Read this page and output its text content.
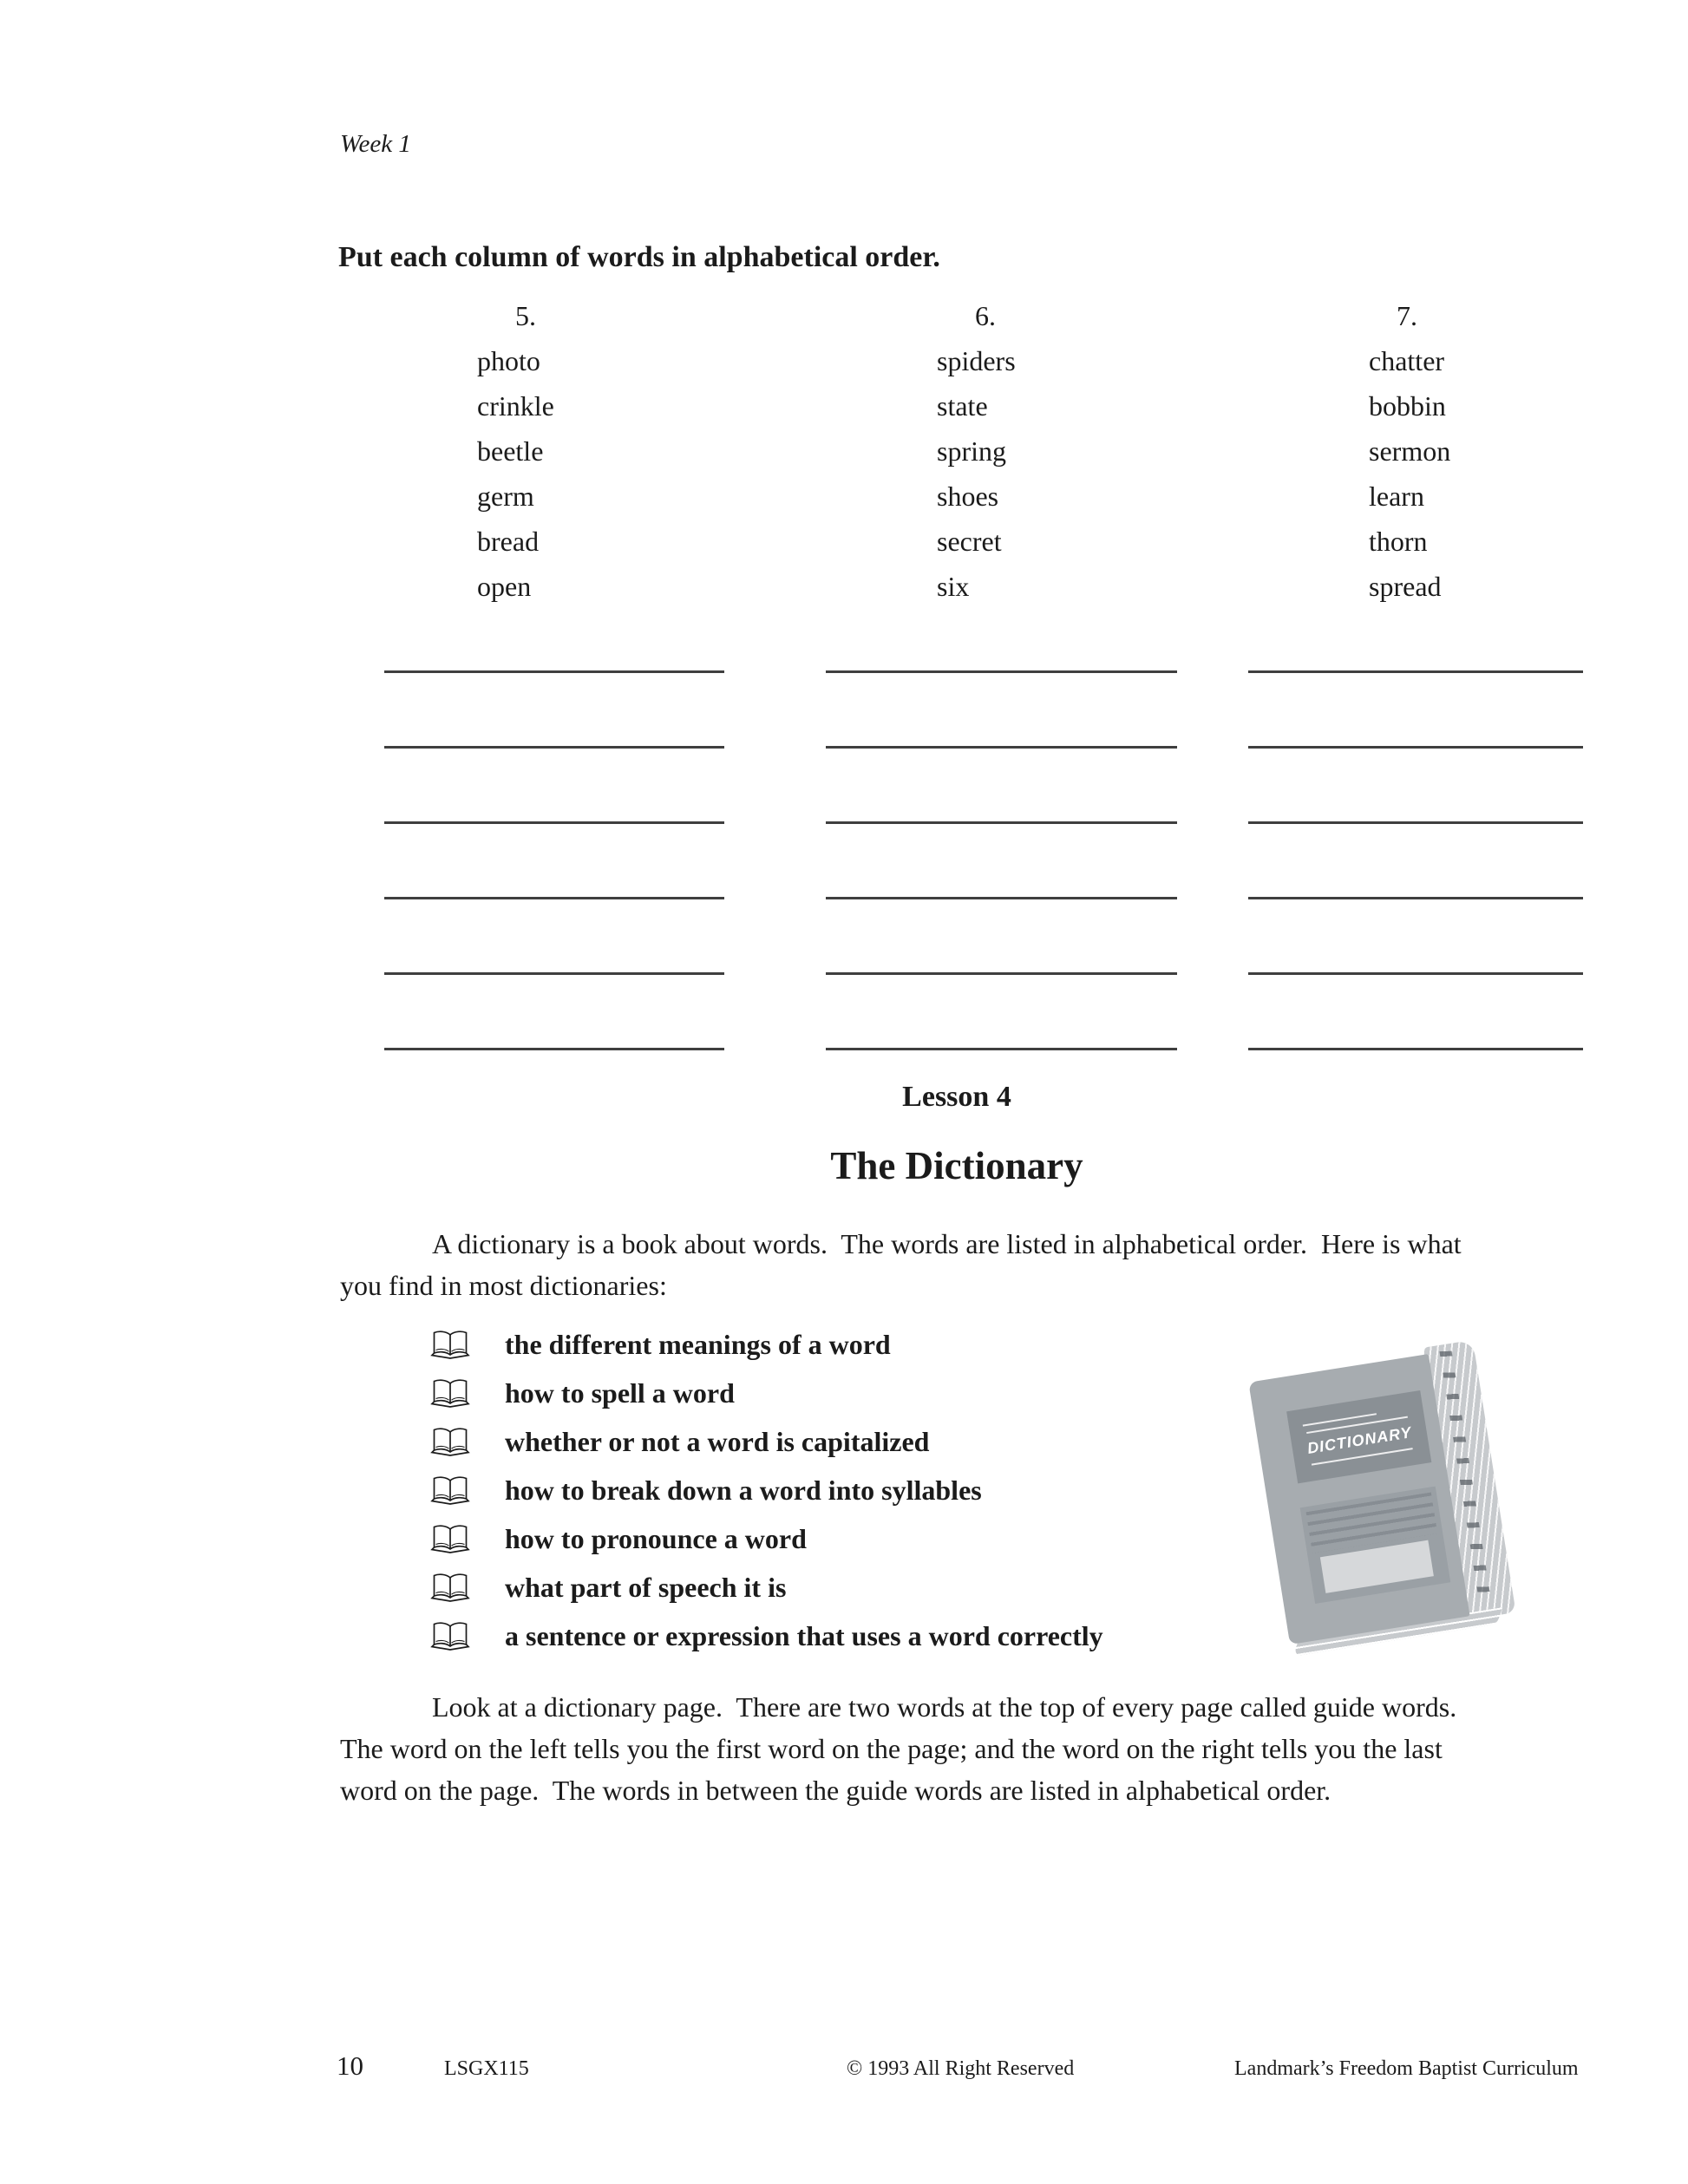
Week 1
Put each column of words in alphabetical order.
5.
photo
crinkle
beetle
germ
bread
open
6.
spiders
state
spring
shoes
secret
six
7.
chatter
bobbin
sermon
learn
thorn
spread
Lesson 4
The Dictionary
A dictionary is a book about words.  The words are listed in alphabetical order.  Here is what
you find in most dictionaries:
the different meanings of a word
how to spell a word
whether or not a word is capitalized
how to break down a word into syllables
how to pronounce a word
what part of speech it is
a sentence or expression that uses a word correctly
DICTIONARY
Look at a dictionary page.  There are two words at the top of every page called guide words.
The word on the left tells you the first word on the page; and the word on the right tells you the last
word on the page.  The words in between the guide words are listed in alphabetical order.
10	LSGX115	© 1993 All Right Reserved	Landmark’s Freedom Baptist Curriculum
